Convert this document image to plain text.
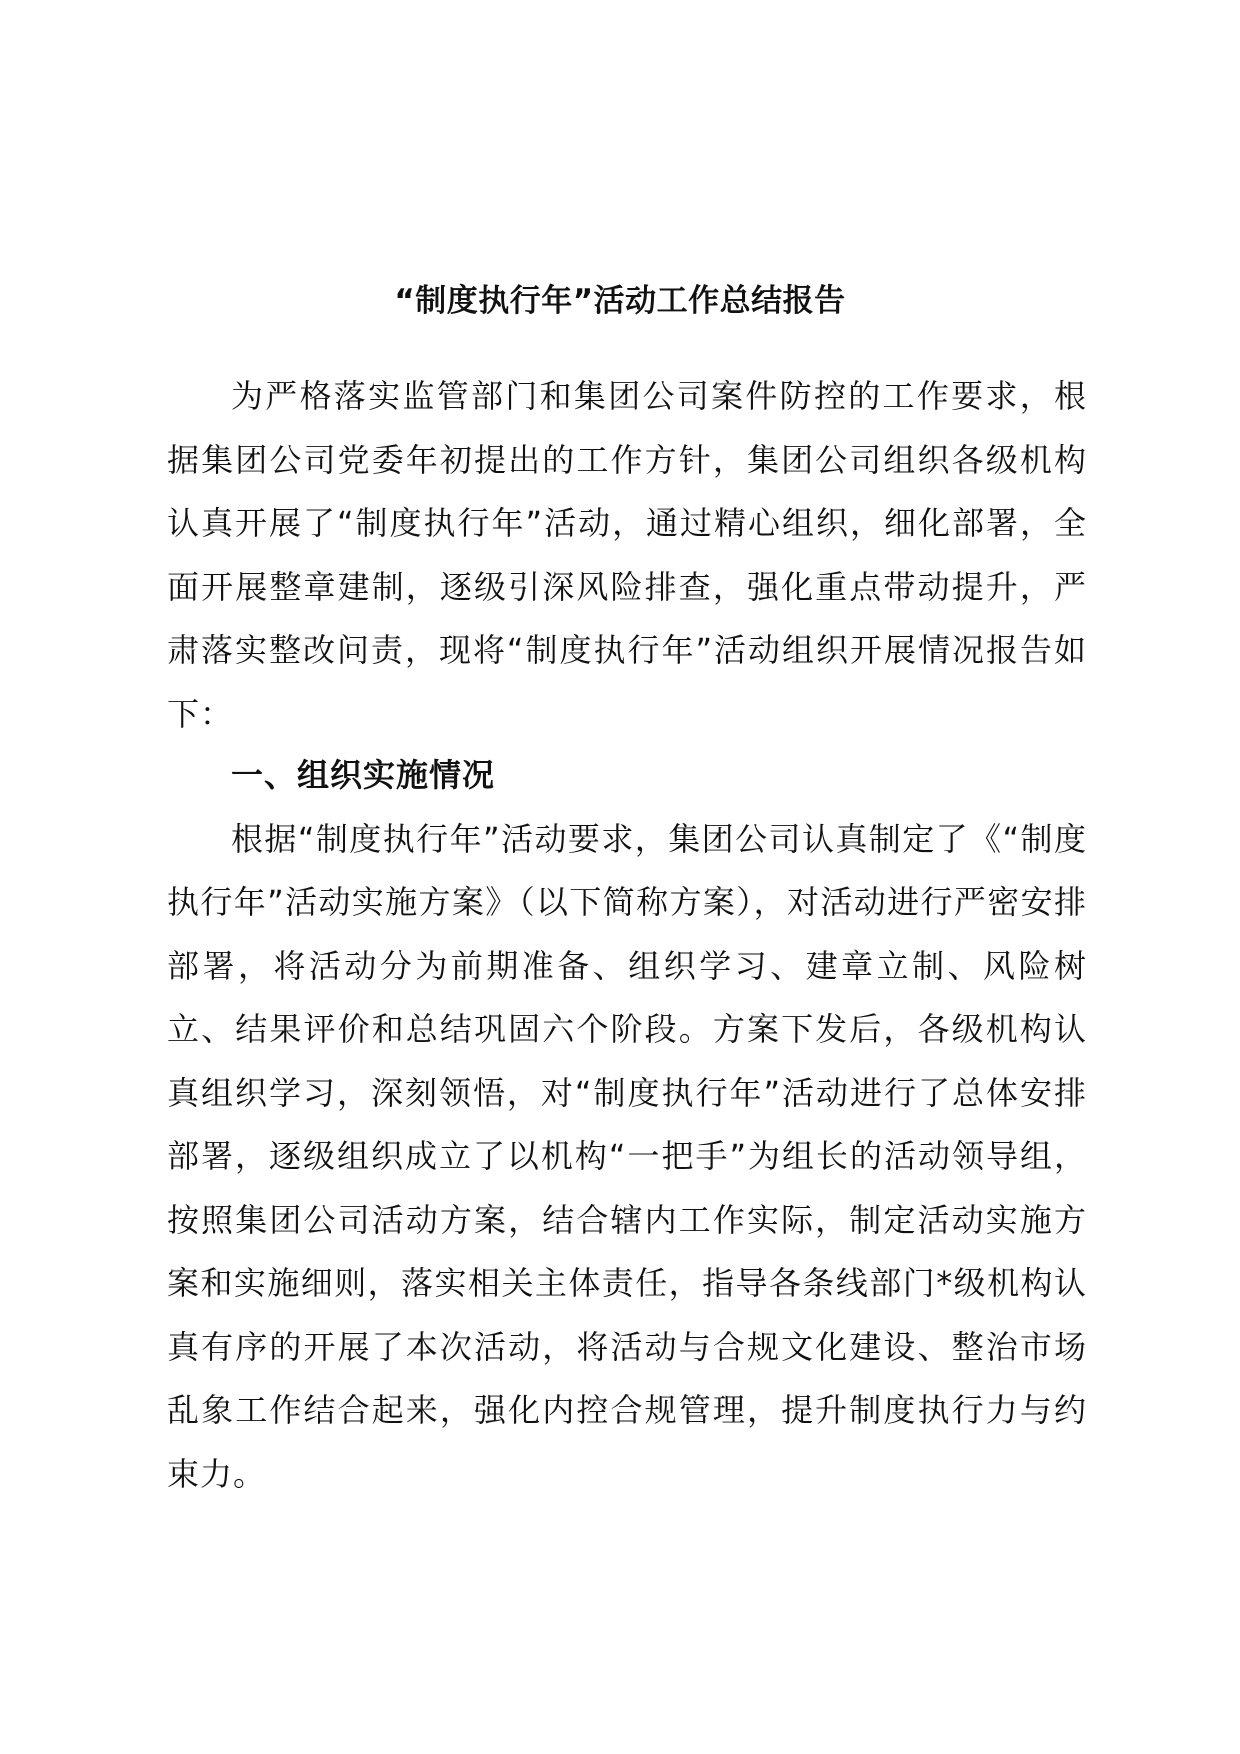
“制度执行年”活动工作总结报告

为严格落实监管部门和集团公司案件防控的工作要求，根据集团公司党委年初提出的工作方针，集团公司组织各级机构认真开展了“制度执行年”活动，通过精心组织，细化部署，全面开展整章建制，逐级引深风险排查，强化重点带动提升，严肃落实整改问责，现将“制度执行年”活动组织开展情况报告如下：

一、组织实施情况

根据“制度执行年”活动要求，集团公司认真制定了《“制度执行年”活动实施方案》（以下简称方案），对活动进行严密安排部署，将活动分为前期准备、组织学习、建章立制、风险树立、结果评价和总结巩固六个阶段。方案下发后，各级机构认真组织学习，深刻领悟，对“制度执行年”活动进行了总体安排部署，逐级组织成立了以机构“一把手”为组长的活动领导组，按照集团公司活动方案，结合辖内工作实际，制定活动实施方案和实施细则，落实相关主体责任，指导各条线部门*级机构认真有序的开展了本次活动，将活动与合规文化建设、整治市场乱象工作结合起来，强化内控合规管理，提升制度执行力与约束力。
